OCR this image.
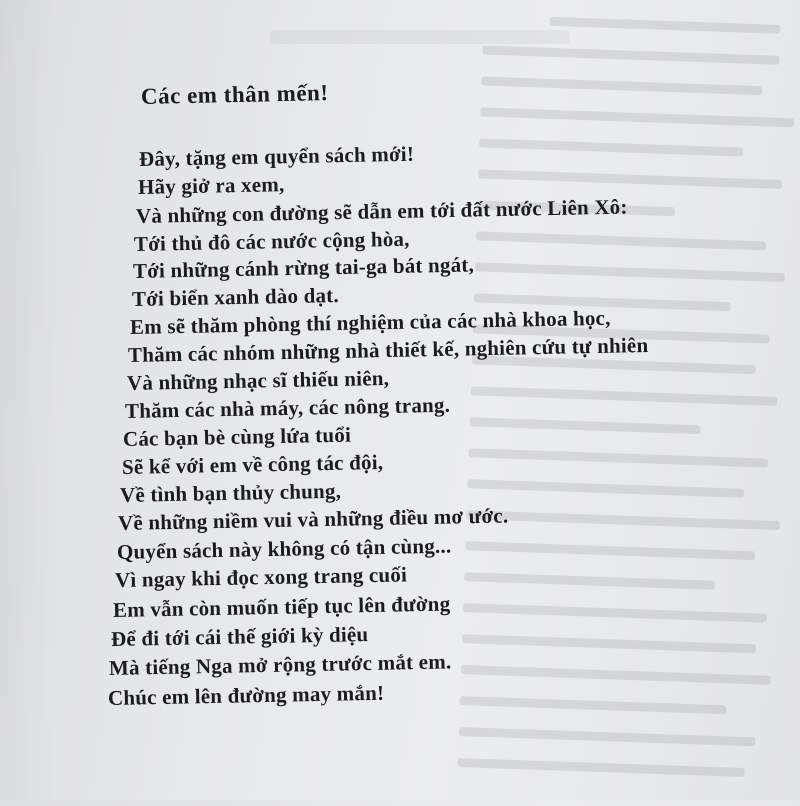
Các em thân mến!
Đây, tặng em quyển sách mới!
Hãy giở ra xem,
Và những con đường sẽ dẫn em tới đất nước Liên Xô:
Tới thủ đô các nước cộng hòa,
Tới những cánh rừng tai-ga bát ngát,
Tới biển xanh dào dạt.
Em sẽ thăm phòng thí nghiệm của các nhà khoa học,
Thăm các nhóm những nhà thiết kế, nghiên cứu tự nhiên
Và những nhạc sĩ thiếu niên,
Thăm các nhà máy, các nông trang.
Các bạn bè cùng lứa tuổi
Sẽ kể với em về công tác đội,
Về tình bạn thủy chung,
Về những niềm vui và những điều mơ ước.
Quyển sách này không có tận cùng...
Vì ngay khi đọc xong trang cuối
Em vẫn còn muốn tiếp tục lên đường
Để đi tới cái thế giới kỳ diệu
Mà tiếng Nga mở rộng trước mắt em.
Chúc em lên đường may mắn!
